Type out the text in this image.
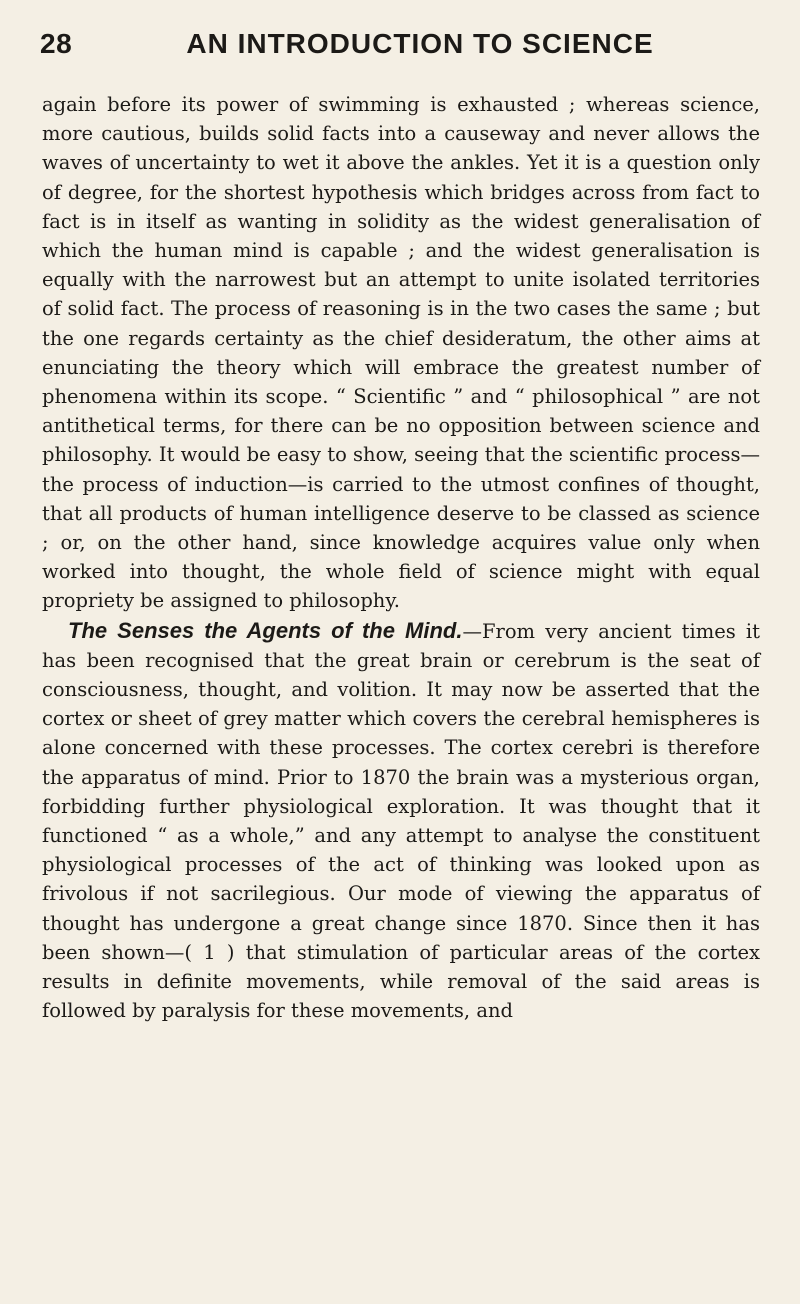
28	AN INTRODUCTION TO SCIENCE

again before its power of swimming is exhausted ; whereas science, more cautious, builds solid facts into a causeway and never allows the waves of uncertainty to wet it above the ankles. Yet it is a question only of degree, for the shortest hypothesis which bridges across from fact to fact is in itself as wanting in solidity as the widest generalisation of which the human mind is capable ; and the widest generalisation is equally with the narrowest but an attempt to unite isolated territories of solid fact. The process of reasoning is in the two cases the same ; but the one regards certainty as the chief desideratum, the other aims at enunciating the theory which will embrace the greatest number of phenomena within its scope. “ Scientific ” and “ philosophical ” are not antithetical terms, for there can be no opposition between science and philosophy. It would be easy to show, seeing that the scientific process—the process of induction—is carried to the utmost confines of thought, that all products of human intelligence deserve to be classed as science ; or, on the other hand, since knowledge acquires value only when worked into thought, the whole field of science might with equal propriety be assigned to philosophy.

The Senses the Agents of the Mind.—From very ancient times it has been recognised that the great brain or cerebrum is the seat of consciousness, thought, and volition. It may now be asserted that the cortex or sheet of grey matter which covers the cerebral hemispheres is alone concerned with these processes. The cortex cerebri is therefore the apparatus of mind. Prior to 1870 the brain was a mysterious organ, forbidding further physiological exploration. It was thought that it functioned “ as a whole,” and any attempt to analyse the constituent physiological processes of the act of thinking was looked upon as frivolous if not sacrilegious. Our mode of viewing the apparatus of thought has undergone a great change since 1870. Since then it has been shown—( 1 ) that stimulation of particular areas of the cortex results in definite movements, while removal of the said areas is followed by paralysis for these movements, and
